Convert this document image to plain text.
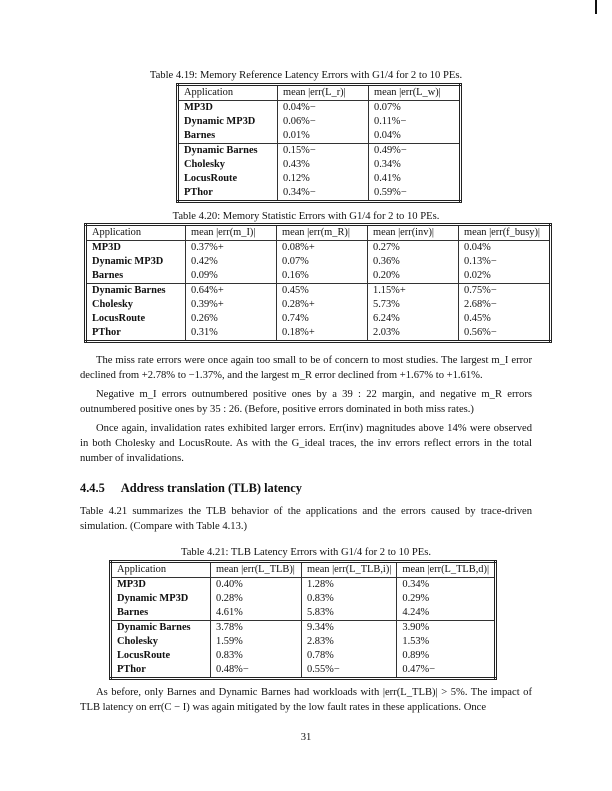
Table 4.19: Memory Reference Latency Errors with G1/4 for 2 to 10 PEs.
Application	mean |err(L_r)|	mean |err(L_w)|
MP3D	0.04%−	0.07%
Dynamic MP3D	0.06%−	0.11%−
Barnes	0.01%	0.04%
Dynamic Barnes	0.15%−	0.49%−
Cholesky	0.43%	0.34%
LocusRoute	0.12%	0.41%
PThor	0.34%−	0.59%−
Table 4.20: Memory Statistic Errors with G1/4 for 2 to 10 PEs.
Application	mean |err(m_I)|	mean |err(m_R)|	mean |err(inv)|	mean |err(f_busy)|
MP3D	0.37%+	0.08%+	0.27%	0.04%
Dynamic MP3D	0.42%	0.07%	0.36%	0.13%−
Barnes	0.09%	0.16%	0.20%	0.02%
Dynamic Barnes	0.64%+	0.45%	1.15%+	0.75%−
Cholesky	0.39%+	0.28%+	5.73%	2.68%−
LocusRoute	0.26%	0.74%	6.24%	0.45%
PThor	0.31%	0.18%+	2.03%	0.56%−

The miss rate errors were once again too small to be of concern to most studies. The largest m_I error declined from +2.78% to −1.37%, and the largest m_R error declined from +1.67% to +1.61%.

Negative m_I errors outnumbered positive ones by a 39 : 22 margin, and negative m_R errors outnumbered positive ones by 35 : 26. (Before, positive errors dominated in both miss rates.)

Once again, invalidation rates exhibited larger errors. Err(inv) magnitudes above 14% were observed in both Cholesky and LocusRoute. As with the G_ideal traces, the inv errors reflect errors in the total number of invalidations.

4.4.5 Address translation (TLB) latency

Table 4.21 summarizes the TLB behavior of the applications and the errors caused by trace-driven simulation. (Compare with Table 4.13.)

Table 4.21: TLB Latency Errors with G1/4 for 2 to 10 PEs.
Application	mean |err(L_TLB)|	mean |err(L_TLB,i)|	mean |err(L_TLB,d)|
MP3D	0.40%	1.28%	0.34%
Dynamic MP3D	0.28%	0.83%	0.29%
Barnes	4.61%	5.83%	4.24%
Dynamic Barnes	3.78%	9.34%	3.90%
Cholesky	1.59%	2.83%	1.53%
LocusRoute	0.83%	0.78%	0.89%
PThor	0.48%−	0.55%−	0.47%−

As before, only Barnes and Dynamic Barnes had workloads with |err(L_TLB)| > 5%. The impact of TLB latency on err(C − I) was again mitigated by the low fault rates in these applications. Once

31
